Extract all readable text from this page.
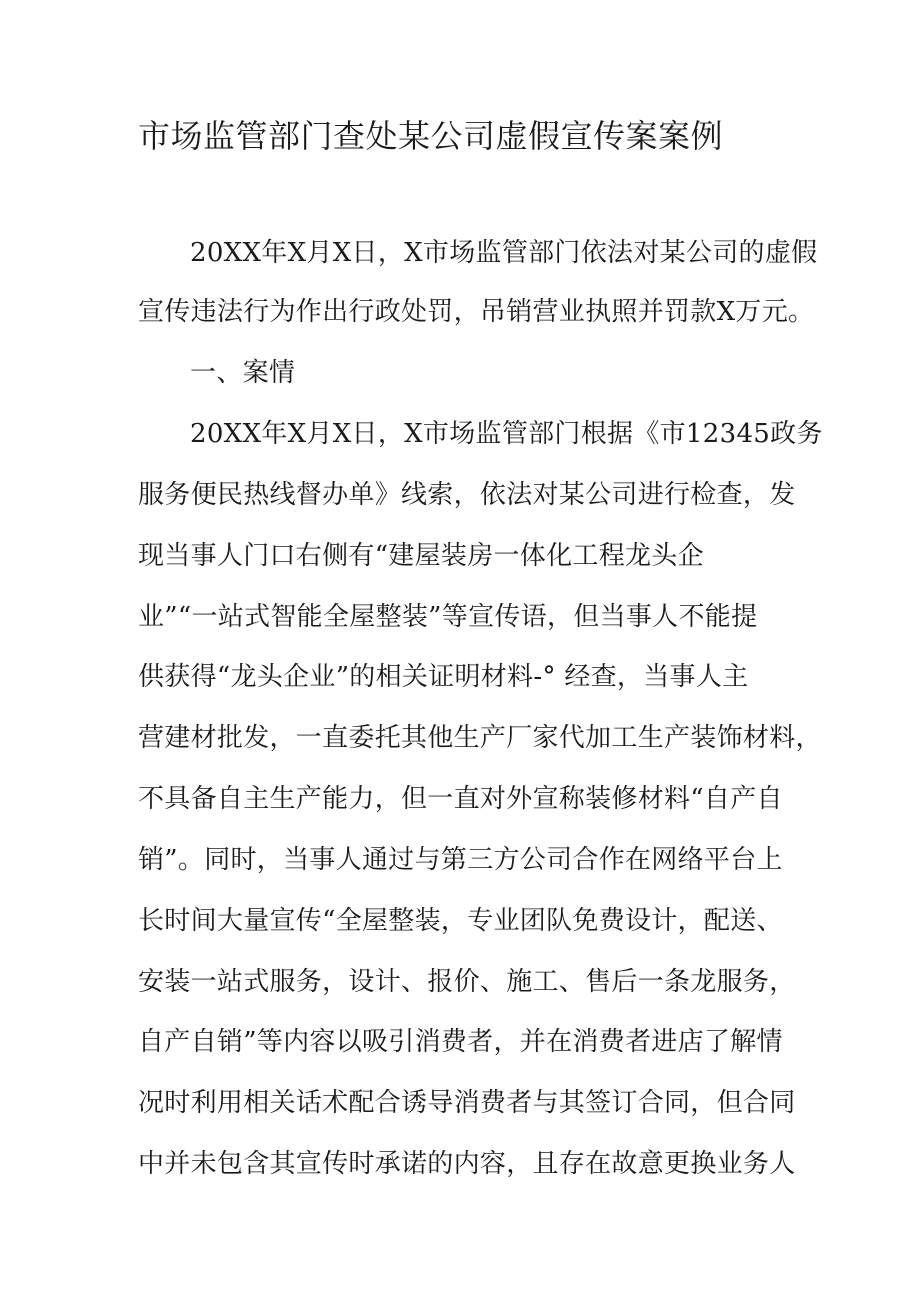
市场监管部门查处某公司虚假宣传案案例
20XX年X月X日，X市场监管部门依法对某公司的虚假
宣传违法行为作出行政处罚，吊销营业执照并罚款X万元。
一、案情
20XX年X月X日，X市场监管部门根据《市12345政务
服务便民热线督办单》线索，依法对某公司进行检查，发
现当事人门口右侧有“建屋装房一体化工程龙头企
业”“一站式智能全屋整装”等宣传语，但当事人不能提
供获得“龙头企业”的相关证明材料-° 经查，当事人主
营建材批发，一直委托其他生产厂家代加工生产装饰材料，
不具备自主生产能力，但一直对外宣称装修材料“自产自
销”。同时，当事人通过与第三方公司合作在网络平台上
长时间大量宣传“全屋整装，专业团队免费设计，配送、
安装一站式服务，设计、报价、施工、售后一条龙服务，
自产自销”等内容以吸引消费者，并在消费者进店了解情
况时利用相关话术配合诱导消费者与其签订合同，但合同
中并未包含其宣传时承诺的内容，且存在故意更换业务人
